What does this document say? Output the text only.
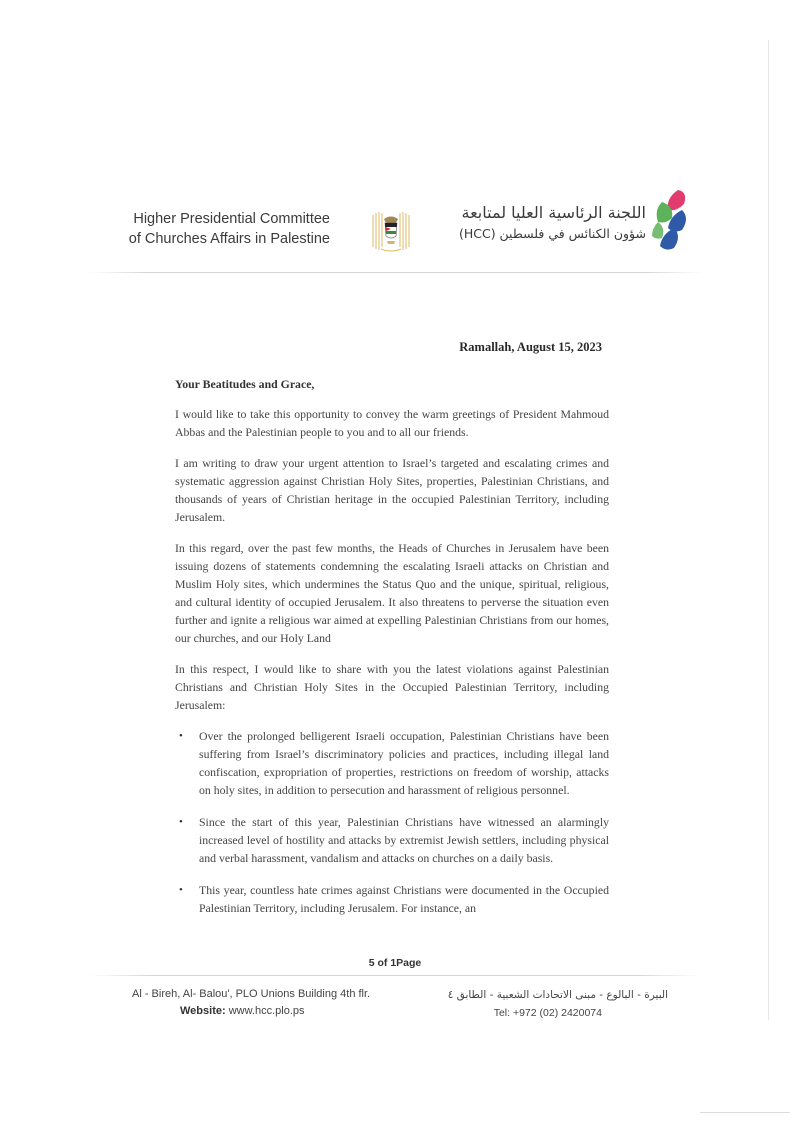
Higher Presidential Committee
of Churches Affairs in Palestine
اللجنة الرئاسية العليا لمتابعة
شؤون الكنائس في فلسطين (HCC)
Ramallah, August 15, 2023

Your Beatitudes and Grace,

I would like to take this opportunity to convey the warm greetings of President Mahmoud Abbas and the Palestinian people to you and to all our friends.

I am writing to draw your urgent attention to Israel’s targeted and escalating crimes and systematic aggression against Christian Holy Sites, properties, Palestinian Christians, and thousands of years of Christian heritage in the occupied Palestinian Territory, including Jerusalem.

In this regard, over the past few months, the Heads of Churches in Jerusalem have been issuing dozens of statements condemning the escalating Israeli attacks on Christian and Muslim Holy sites, which undermines the Status Quo and the unique, spiritual, religious, and cultural identity of occupied Jerusalem. It also threatens to perverse the situation even further and ignite a religious war aimed at expelling Palestinian Christians from our homes, our churches, and our Holy Land

In this respect, I would like to share with you the latest violations against Palestinian Christians and Christian Holy Sites in the Occupied Palestinian Territory, including Jerusalem:

• Over the prolonged belligerent Israeli occupation, Palestinian Christians have been suffering from Israel’s discriminatory policies and practices, including illegal land confiscation, expropriation of properties, restrictions on freedom of worship, attacks on holy sites, in addition to persecution and harassment of religious personnel.
• Since the start of this year, Palestinian Christians have witnessed an alarmingly increased level of hostility and attacks by extremist Jewish settlers, including physical and verbal harassment, vandalism and attacks on churches on a daily basis.
• This year, countless hate crimes against Christians were documented in the Occupied Palestinian Territory, including Jerusalem. For instance, an
5 of 1Page
Al - Bireh, Al- Balou', PLO Unions Building 4th flr.
Website: www.hcc.plo.ps

البيرة - البالوع - مبنى الاتحادات الشعبية - الطابق ٤
Tel: +972 (02) 2420074
